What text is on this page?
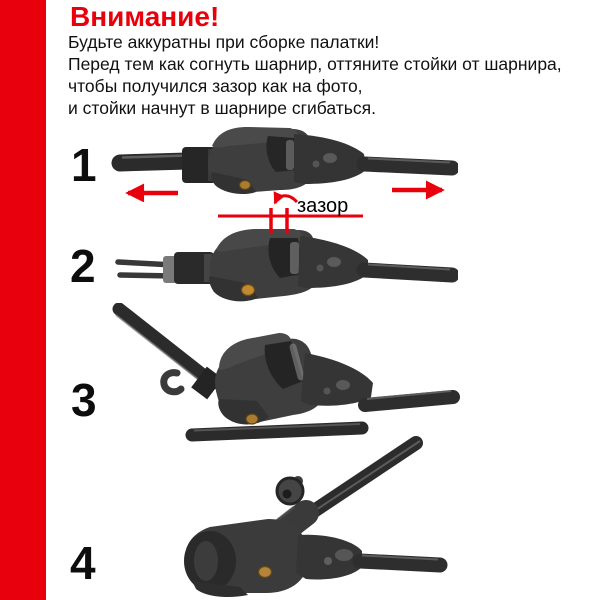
Внимание!
Будьте аккуратны при сборке палатки!
Перед тем как согнуть шарнир, оттяните стойки от шарнира,
чтобы получился зазор как на фото,
и стойки начнут в шарнире сгибаться.
1
2
3
4
зазор
